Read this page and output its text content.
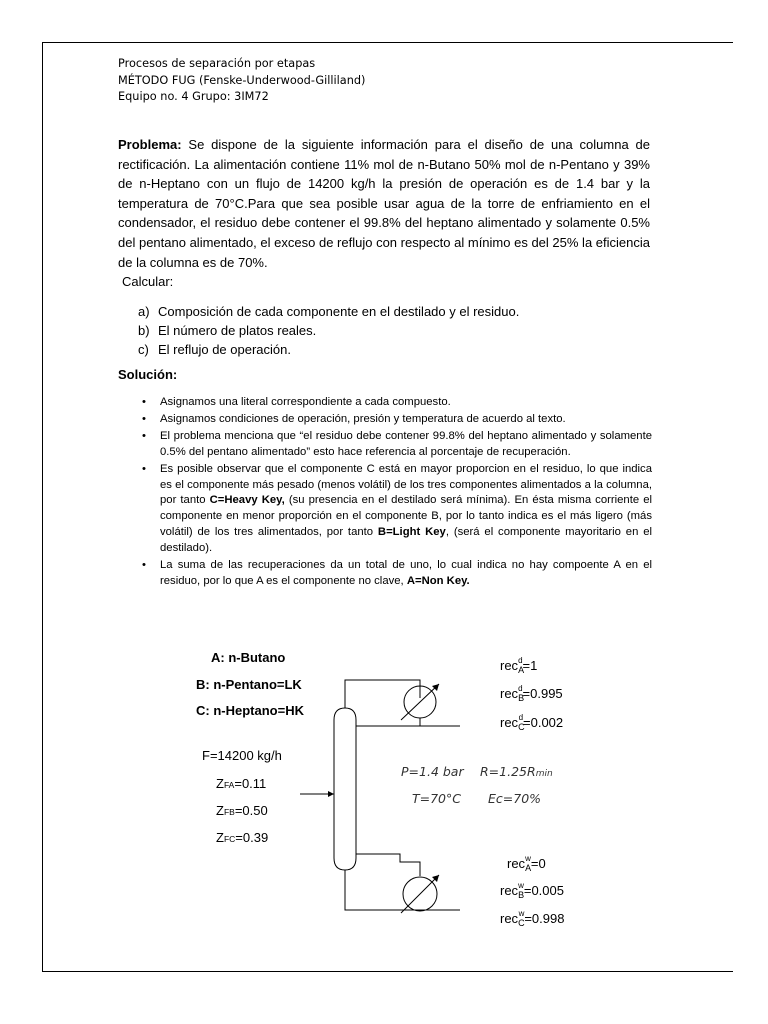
Procesos de separación por etapas
MÉTODO FUG (Fenske-Underwood-Gilliland)
Equipo no. 4 Grupo: 3IM72
Problema: Se dispone de la siguiente información para el diseño de una columna de rectificación. La alimentación contiene 11% mol de n-Butano 50% mol de n-Pentano y 39% de n-Heptano con un flujo de 14200 kg/h la presión de operación es de 1.4 bar y la temperatura de 70°C.Para que sea posible usar agua de la torre de enfriamiento en el condensador, el residuo debe contener el 99.8% del heptano alimentado y solamente 0.5% del pentano alimentado, el exceso de reflujo con respecto al mínimo es del 25% la eficiencia de la columna es de 70%.
Calcular:
a) Composición de cada componente en el destilado y el residuo.
b) El número de platos reales.
c) El reflujo de operación.
Solución:
• Asignamos una literal correspondiente a cada compuesto.
• Asignamos condiciones de operación, presión y temperatura de acuerdo al texto.
• El problema menciona que “el residuo debe contener 99.8% del heptano alimentado y solamente 0.5% del pentano alimentado” esto hace referencia al porcentaje de recuperación.
• Es posible observar que el componente C está en mayor proporcion en el residuo, lo que indica es el componente más pesado (menos volátil) de los tres componentes alimentados a la columna, por tanto C=Heavy Key, (su presencia en el destilado será mínima). En ésta misma corriente el componente en menor proporción en el componente B, por lo tanto indica es el más ligero (más volátil) de los tres alimentados, por tanto B=Light Key, (será el componente mayoritario en el destilado).
• La suma de las recuperaciones da un total de uno, lo cual indica no hay compoente A en el residuo, por lo que A es el componente no clave, A=Non Key.
A: n-Butano
B: n-Pentano=LK
C: n-Heptano=HK
F=14200 kg/h
ZFA=0.11
ZFB=0.50
ZFC=0.39
recAd=1
recBd=0.995
recCd=0.002
P=1.4 bar R=1.25Rmin
T=70°C Ec=70%
recAw=0
recBw=0.005
recCw=0.998
